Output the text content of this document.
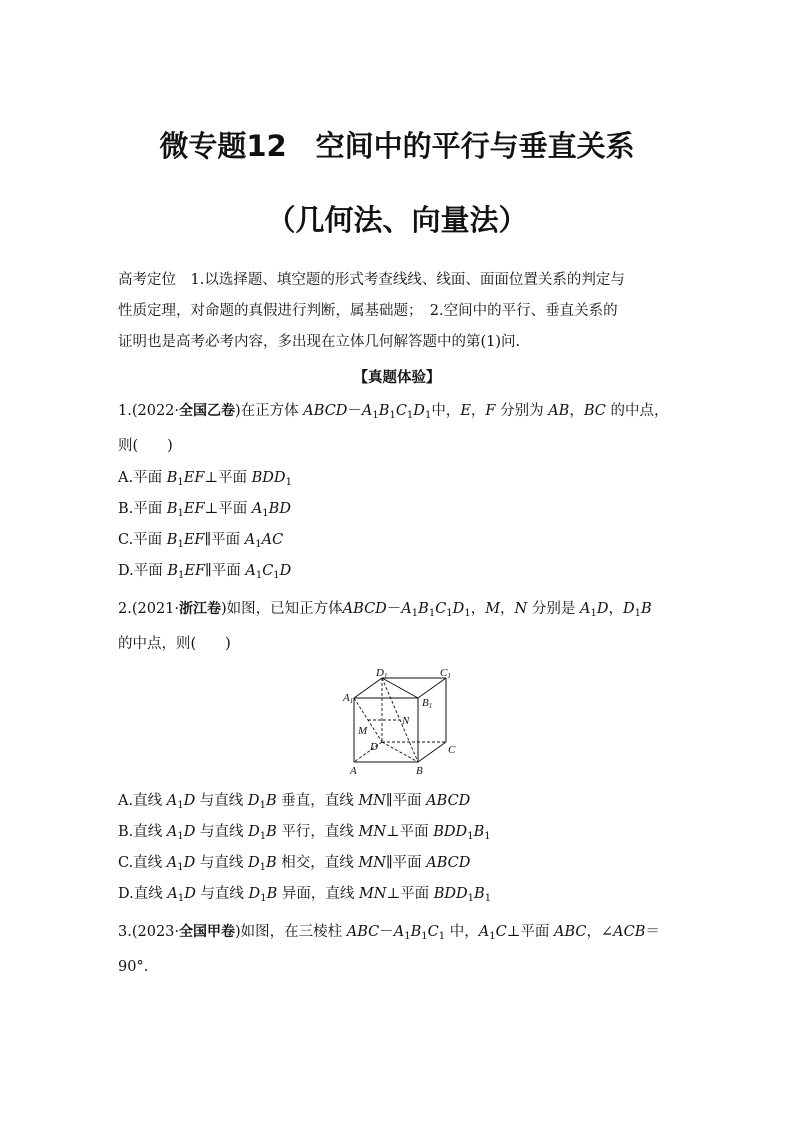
微专题12　空间中的平行与垂直关系
（几何法、向量法）
高考定位　1.以选择题、填空题的形式考查线线、线面、面面位置关系的判定与
性质定理，对命题的真假进行判断，属基础题；　2.空间中的平行、垂直关系的
证明也是高考必考内容，多出现在立体几何解答题中的第(1)问.
【真题体验】
1.(2022·全国乙卷)在正方体 $ABCD-A_1B_1C_1D_1$中，E，F 分别为 AB，BC 的中点，
则(　　)
A.平面 $B_1EF\perp$平面 $BDD_1$
B.平面 $B_1EF\perp$平面 $A_1BD$
C.平面 $B_1EF\parallel$平面 $A_1AC$
D.平面 $B_1EF\parallel$平面 $A_1C_1D$
2.(2021·浙江卷)如图，已知正方体$ABCD-A_1B_1C_1D_1$，M，N 分别是 $A_1D$，$D_1B$
的中点，则(　　)
A1
D1	C1
B1
N
M
D	C
A	B
A.直线 $A_1D$ 与直线 $D_1B$ 垂直，直线 MN∥平面 ABCD
B.直线 $A_1D$ 与直线 $D_1B$ 平行，直线 MN⊥平面 $BDD_1B_1$
C.直线 $A_1D$ 与直线 $D_1B$ 相交，直线 MN∥平面 ABCD
D.直线 $A_1D$ 与直线 $D_1B$ 异面，直线 MN⊥平面 $BDD_1B_1$
3.(2023·全国甲卷)如图，在三棱柱 $ABC-A_1B_1C_1$ 中，$A_1C\perp$平面 ABC，∠ACB＝
90°.
